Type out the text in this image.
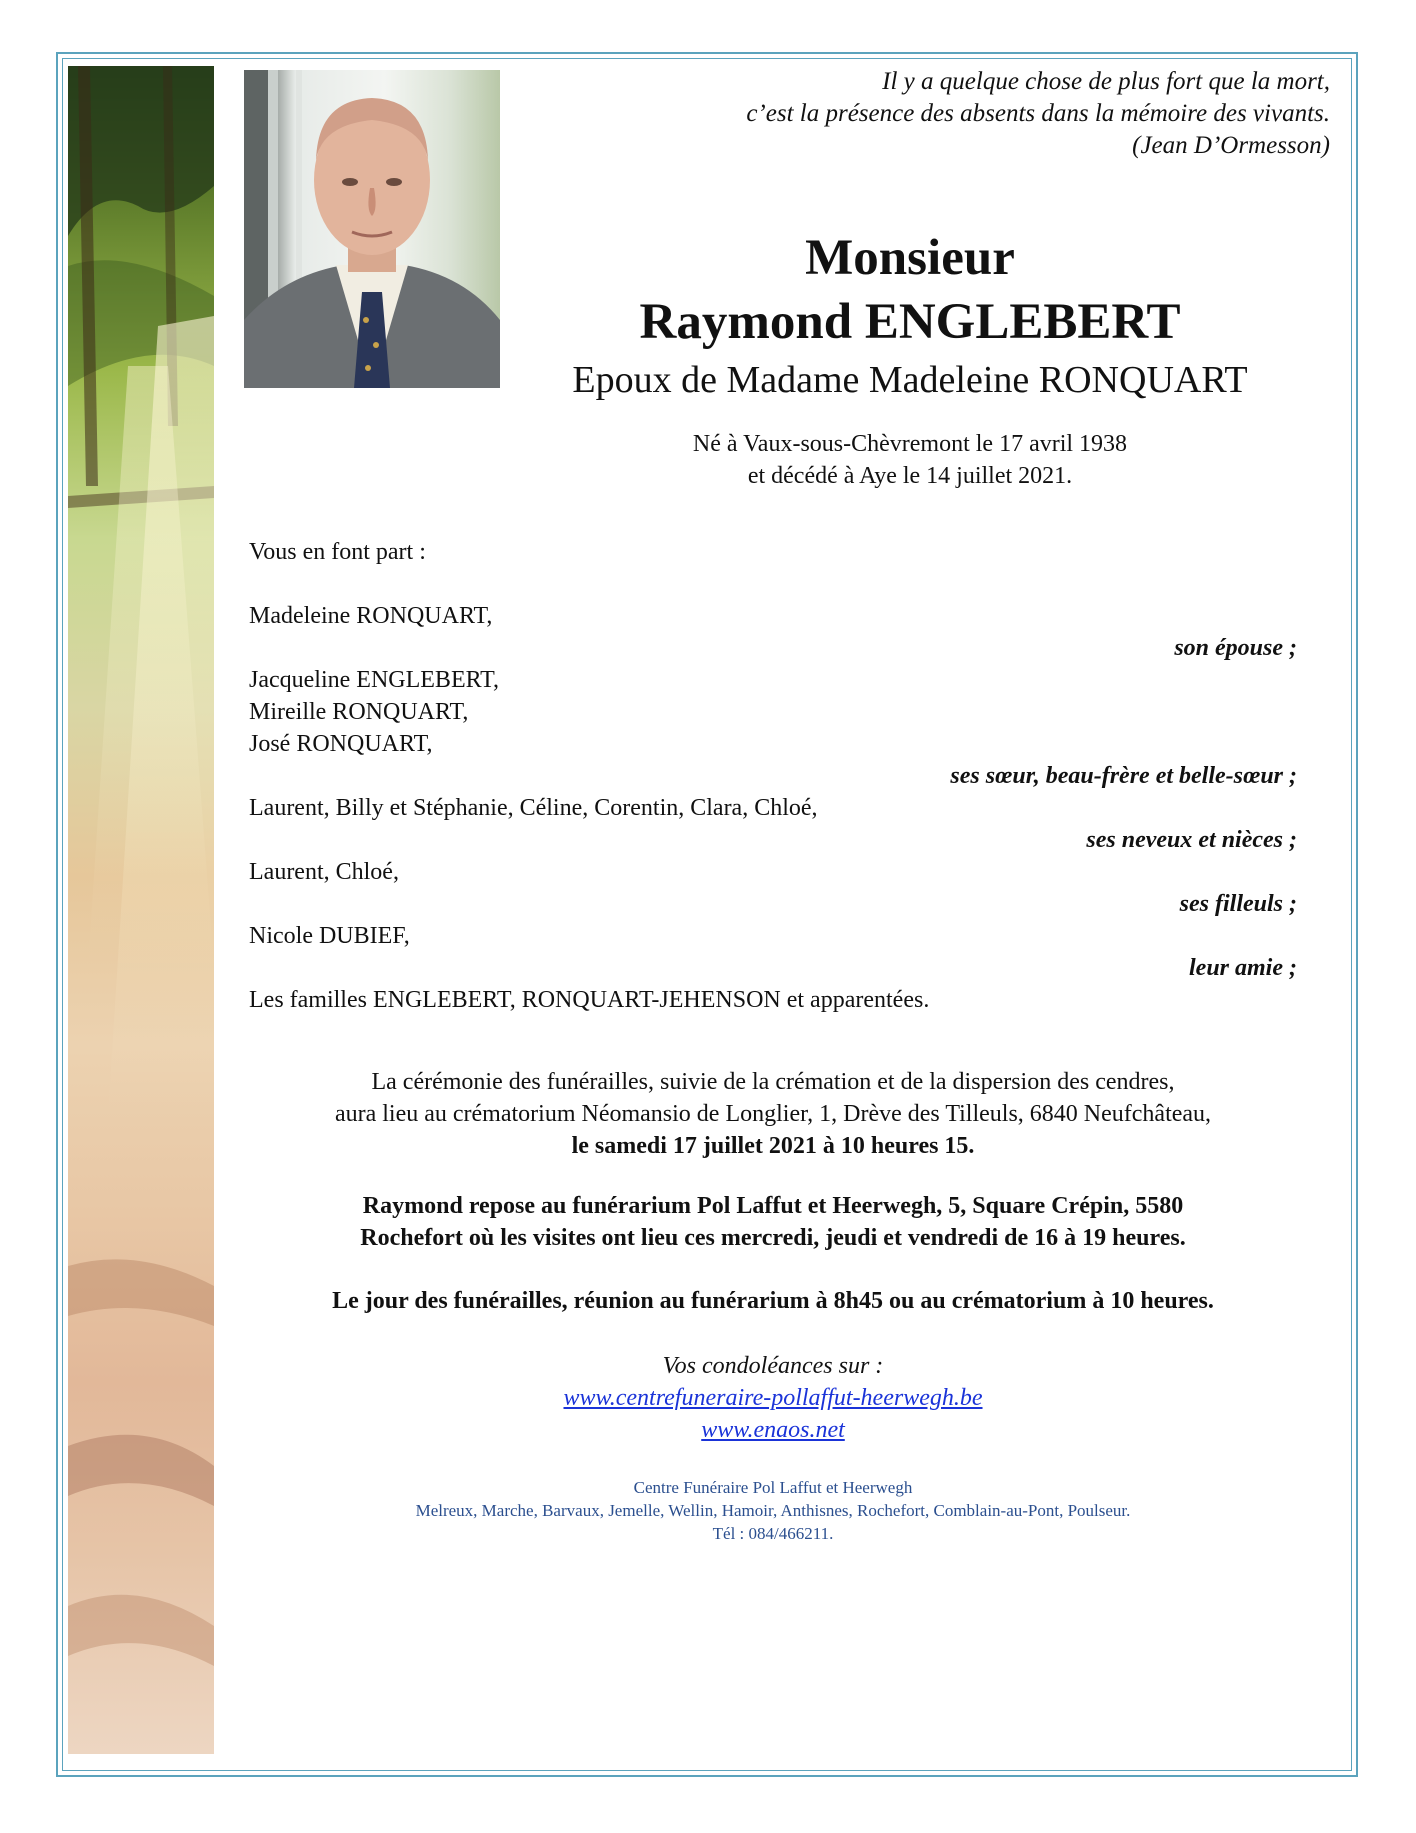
Il y a quelque chose de plus fort que la mort,
c’est la présence des absents dans la mémoire des vivants.
(Jean D’Ormesson)
Monsieur
Raymond ENGLEBERT
Epoux de Madame Madeleine RONQUART
Né à Vaux-sous-Chèvremont le 17 avril 1938
et décédé à Aye le 14 juillet 2021.
Vous en font part :
Madeleine RONQUART,
son épouse ;
Jacqueline ENGLEBERT,
Mireille RONQUART,
José RONQUART,
ses sœur, beau-frère et belle-sœur ;
Laurent, Billy et Stéphanie, Céline, Corentin, Clara, Chloé,
ses neveux et nièces ;
Laurent, Chloé,
ses filleuls ;
Nicole DUBIEF,
leur amie ;
Les familles ENGLEBERT, RONQUART-JEHENSON et apparentées.
La cérémonie des funérailles, suivie de la crémation et de la dispersion des cendres,
aura lieu au crématorium Néomansio de Longlier, 1, Drève des Tilleuls, 6840 Neufchâteau,
le samedi 17 juillet 2021 à 10 heures 15.
Raymond repose au funérarium Pol Laffut et Heerwegh, 5, Square Crépin, 5580
Rochefort où les visites ont lieu ces mercredi, jeudi et vendredi de 16 à 19 heures.
Le jour des funérailles, réunion au funérarium à 8h45 ou au crématorium à 10 heures.
Vos condoléances sur :
www.centrefuneraire-pollaffut-heerwegh.be
www.enaos.net
Centre Funéraire Pol Laffut et Heerwegh
Melreux, Marche, Barvaux, Jemelle, Wellin, Hamoir, Anthisnes, Rochefort, Comblain-au-Pont, Poulseur.
Tél : 084/466211.
